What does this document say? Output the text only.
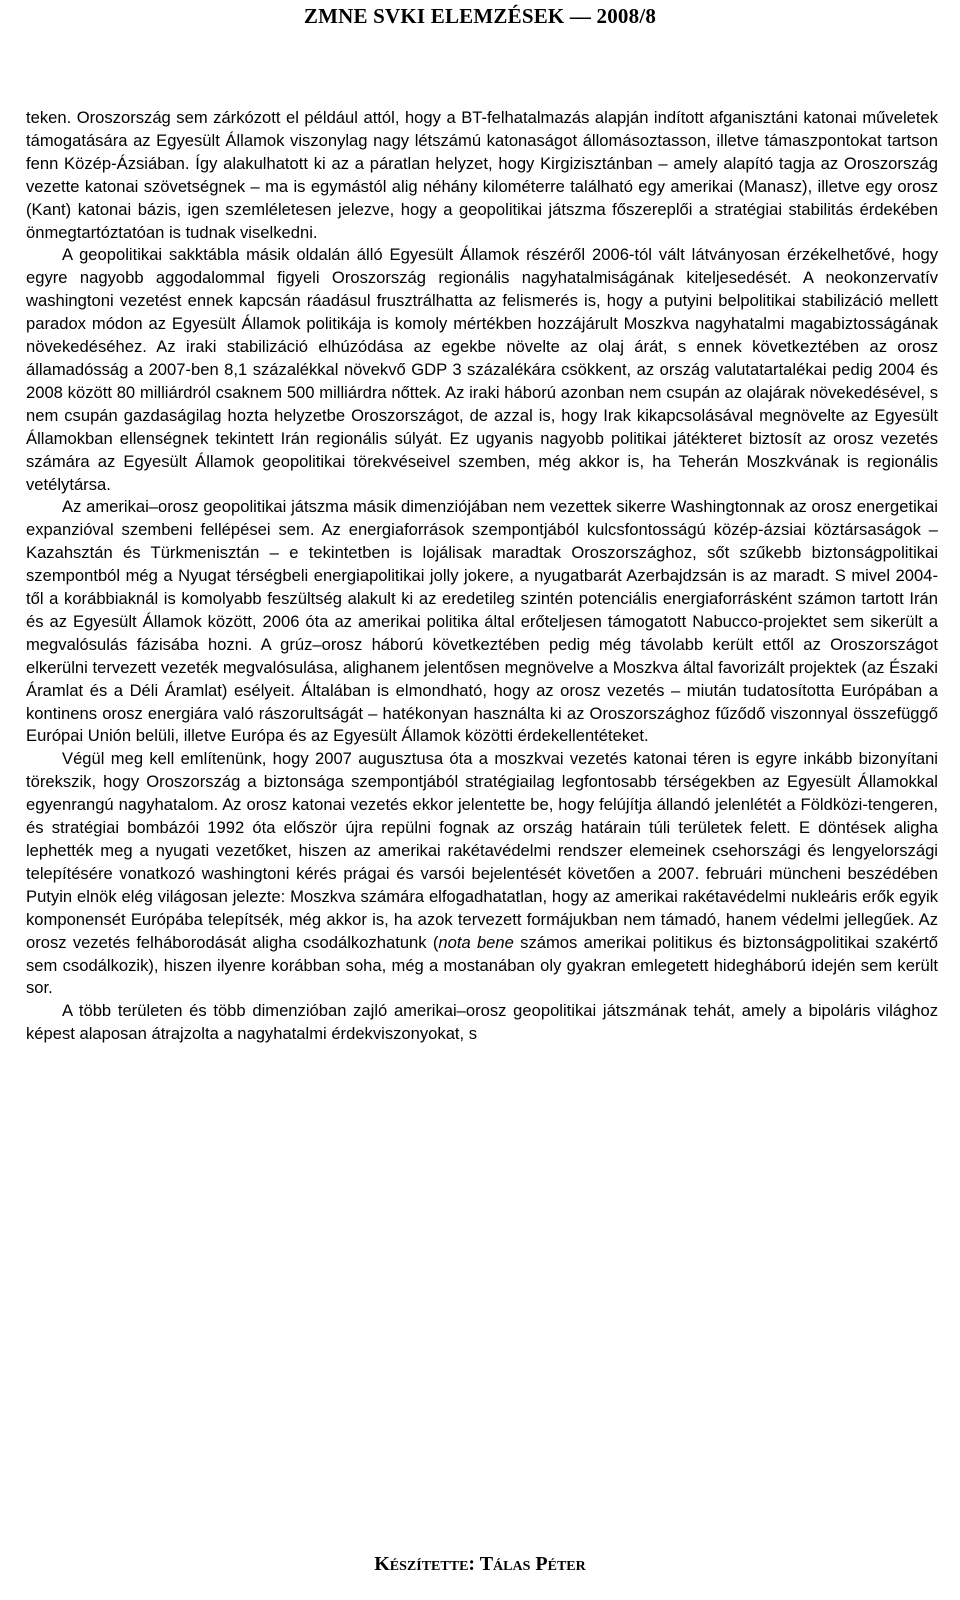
ZMNE SVKI ELEMZÉSEK — 2008/8

teken. Oroszország sem zárkózott el például attól, hogy a BT-felhatalmazás alapján indított afganisztáni katonai műveletek támogatására az Egyesült Államok viszonylag nagy létszámú katonaságot állomásoztasson, illetve támaszpontokat tartson fenn Közép-Ázsiában. Így alakulhatott ki az a páratlan helyzet, hogy Kirgizisztánban – amely alapító tagja az Oroszország vezette katonai szövetségnek – ma is egymástól alig néhány kilométerre található egy amerikai (Manasz), illetve egy orosz (Kant) katonai bázis, igen szemléletesen jelezve, hogy a geopolitikai játszma főszereplői a stratégiai stabilitás érdekében önmegtartóztatóan is tudnak viselkedni.

A geopolitikai sakktábla másik oldalán álló Egyesült Államok részéről 2006-tól vált látványosan érzékelhetővé, hogy egyre nagyobb aggodalommal figyeli Oroszország regionális nagyhatalmiságának kiteljesedését. A neokonzervatív washingtoni vezetést ennek kapcsán ráadásul frusztrálhatta az felismerés is, hogy a putyini belpolitikai stabilizáció mellett paradox módon az Egyesült Államok politikája is komoly mértékben hozzájárult Moszkva nagyhatalmi magabiztosságának növekedéséhez. Az iraki stabilizáció elhúzódása az egekbe növelte az olaj árát, s ennek következtében az orosz államadósság a 2007-ben 8,1 százalékkal növekvő GDP 3 százalékára csökkent, az ország valutatartalékai pedig 2004 és 2008 között 80 milliárdról csaknem 500 milliárdra nőttek. Az iraki háború azonban nem csupán az olajárak növekedésével, s nem csupán gazdaságilag hozta helyzetbe Oroszországot, de azzal is, hogy Irak kikapcsolásával megnövelte az Egyesült Államokban ellenségnek tekintett Irán regionális súlyát. Ez ugyanis nagyobb politikai játékteret biztosít az orosz vezetés számára az Egyesült Államok geopolitikai törekvéseivel szemben, még akkor is, ha Teherán Moszkvának is regionális vetélytársa.

Az amerikai–orosz geopolitikai játszma másik dimenziójában nem vezettek sikerre Washingtonnak az orosz energetikai expanzióval szembeni fellépései sem. Az energiaforrások szempontjából kulcsfontosságú közép-ázsiai köztársaságok – Kazahsztán és Türkmenisztán – e tekintetben is lojálisak maradtak Oroszországhoz, sőt szűkebb biztonságpolitikai szempontból még a Nyugat térségbeli energiapolitikai jolly jokere, a nyugatbarát Azerbajdzsán is az maradt. S mivel 2004-től a korábbiaknál is komolyabb feszültség alakult ki az eredetileg szintén potenciális energiaforrásként számon tartott Irán és az Egyesült Államok között, 2006 óta az amerikai politika által erőteljesen támogatott Nabucco-projektet sem sikerült a megvalósulás fázisába hozni. A grúz–orosz háború következtében pedig még távolabb került ettől az Oroszországot elkerülni tervezett vezeték megvalósulása, alighanem jelentősen megnövelve a Moszkva által favorizált projektek (az Északi Áramlat és a Déli Áramlat) esélyeit. Általában is elmondható, hogy az orosz vezetés – miután tudatosította Európában a kontinens orosz energiára való rászorultságát – hatékonyan használta ki az Oroszországhoz fűződő viszonnyal összefüggő Európai Unión belüli, illetve Európa és az Egyesült Államok közötti érdekellentéteket.

Végül meg kell említenünk, hogy 2007 augusztusa óta a moszkvai vezetés katonai téren is egyre inkább bizonyítani törekszik, hogy Oroszország a biztonsága szempontjából stratégiailag legfontosabb térségekben az Egyesült Államokkal egyenrangú nagyhatalom. Az orosz katonai vezetés ekkor jelentette be, hogy felújítja állandó jelenlétét a Földközi-tengeren, és stratégiai bombázói 1992 óta először újra repülni fognak az ország határain túli területek felett. E döntések aligha lephették meg a nyugati vezetőket, hiszen az amerikai rakétavédelmi rendszer elemeinek csehországi és lengyelországi telepítésére vonatkozó washingtoni kérés prágai és varsói bejelentését követően a 2007. februári müncheni beszédében Putyin elnök elég világosan jelezte: Moszkva számára elfogadhatatlan, hogy az amerikai rakétavédelmi nukleáris erők egyik komponensét Európába telepítsék, még akkor is, ha azok tervezett formájukban nem támadó, hanem védelmi jellegűek. Az orosz vezetés felháborodását aligha csodálkozhatunk (nota bene számos amerikai politikus és biztonságpolitikai szakértő sem csodálkozik), hiszen ilyenre korábban soha, még a mostanában oly gyakran emlegetett hidegháború idején sem került sor.

A több területen és több dimenzióban zajló amerikai–orosz geopolitikai játszmának tehát, amely a bipoláris világhoz képest alaposan átrajzolta a nagyhatalmi érdekviszonyokat, s

Készítette: Tálas Péter
